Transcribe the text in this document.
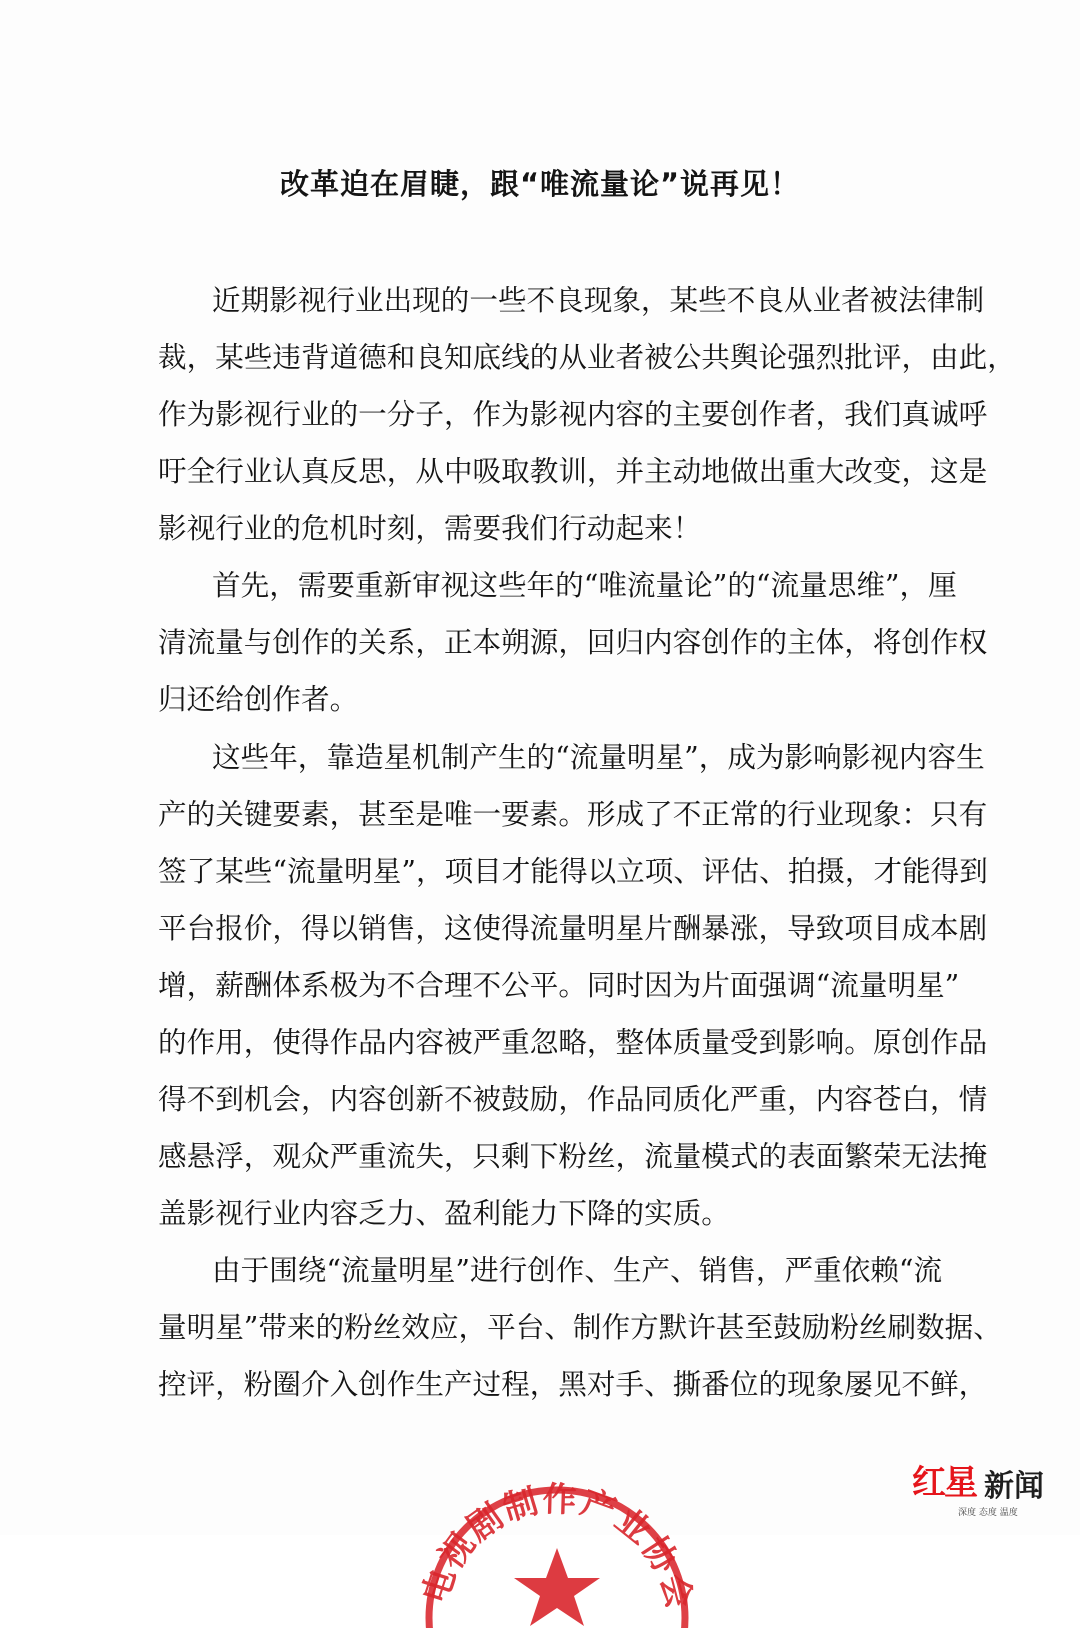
改革迫在眉睫，跟“唯流量论”说再见！

近期影视行业出现的一些不良现象，某些不良从业者被法律制

裁，某些违背道德和良知底线的从业者被公共舆论强烈批评，由此，

作为影视行业的一分子，作为影视内容的主要创作者，我们真诚呼

吁全行业认真反思，从中吸取教训，并主动地做出重大改变，这是

影视行业的危机时刻，需要我们行动起来！

首先，需要重新审视这些年的“唯流量论”的“流量思维”，厘

清流量与创作的关系，正本朔源，回归内容创作的主体，将创作权

归还给创作者。

这些年，靠造星机制产生的“流量明星”，成为影响影视内容生

产的关键要素，甚至是唯一要素。形成了不正常的行业现象：只有

签了某些“流量明星”，项目才能得以立项、评估、拍摄，才能得到

平台报价，得以销售，这使得流量明星片酬暴涨，导致项目成本剧

增，薪酬体系极为不合理不公平。同时因为片面强调“流量明星”

的作用，使得作品内容被严重忽略，整体质量受到影响。原创作品

得不到机会，内容创新不被鼓励，作品同质化严重，内容苍白，情

感悬浮，观众严重流失，只剩下粉丝，流量模式的表面繁荣无法掩

盖影视行业内容乏力、盈利能力下降的实质。

由于围绕“流量明星”进行创作、生产、销售，严重依赖“流

量明星”带来的粉丝效应，平台、制作方默许甚至鼓励粉丝刷数据、

控评，粉圈介入创作生产过程，黑对手、撕番位的现象屡见不鲜，

电视剧制作产业协会
红星 新闻
深度 态度 温度
